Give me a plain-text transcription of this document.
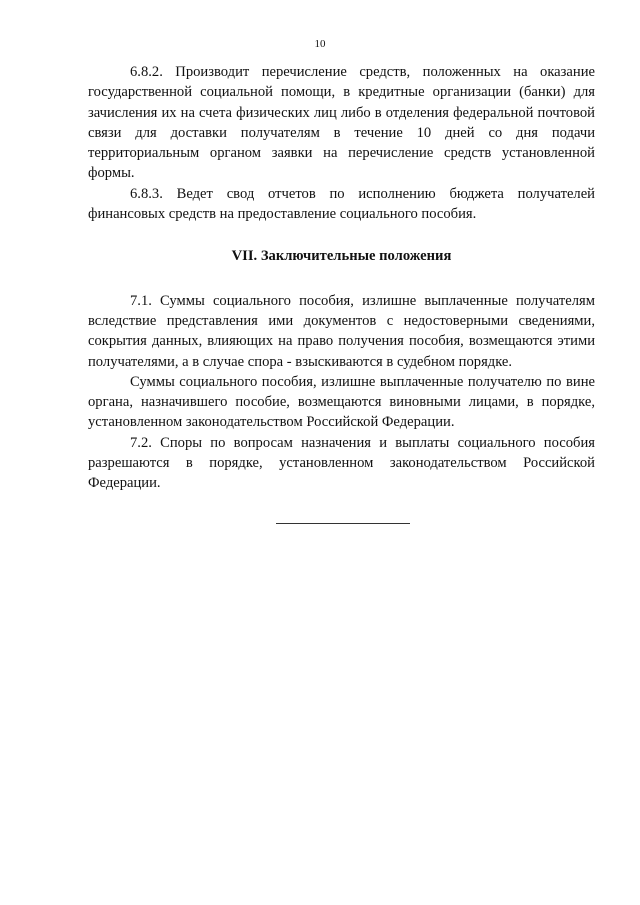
10

6.8.2. Производит перечисление средств, положенных на оказание государственной социальной помощи, в кредитные организации (банки) для зачисления их на счета физических лиц либо в отделения федеральной почтовой связи для доставки получателям в течение 10 дней со дня подачи территориальным органом заявки на перечисление средств установленной формы.

6.8.3. Ведет свод отчетов по исполнению бюджета получателей финансовых средств на предоставление социального пособия.

VII. Заключительные положения

7.1. Суммы социального пособия, излишне выплаченные получателям вследствие представления ими документов с недостоверными сведениями, сокрытия данных, влияющих на право получения пособия, возмещаются этими получателями, а в случае спора - взыскиваются в судебном порядке.

Суммы социального пособия, излишне выплаченные получателю по вине органа, назначившего пособие, возмещаются виновными лицами, в порядке, установленном законодательством Российской Федерации.

7.2. Споры по вопросам назначения и выплаты социального пособия разрешаются в порядке, установленном законодательством Российской Федерации.
